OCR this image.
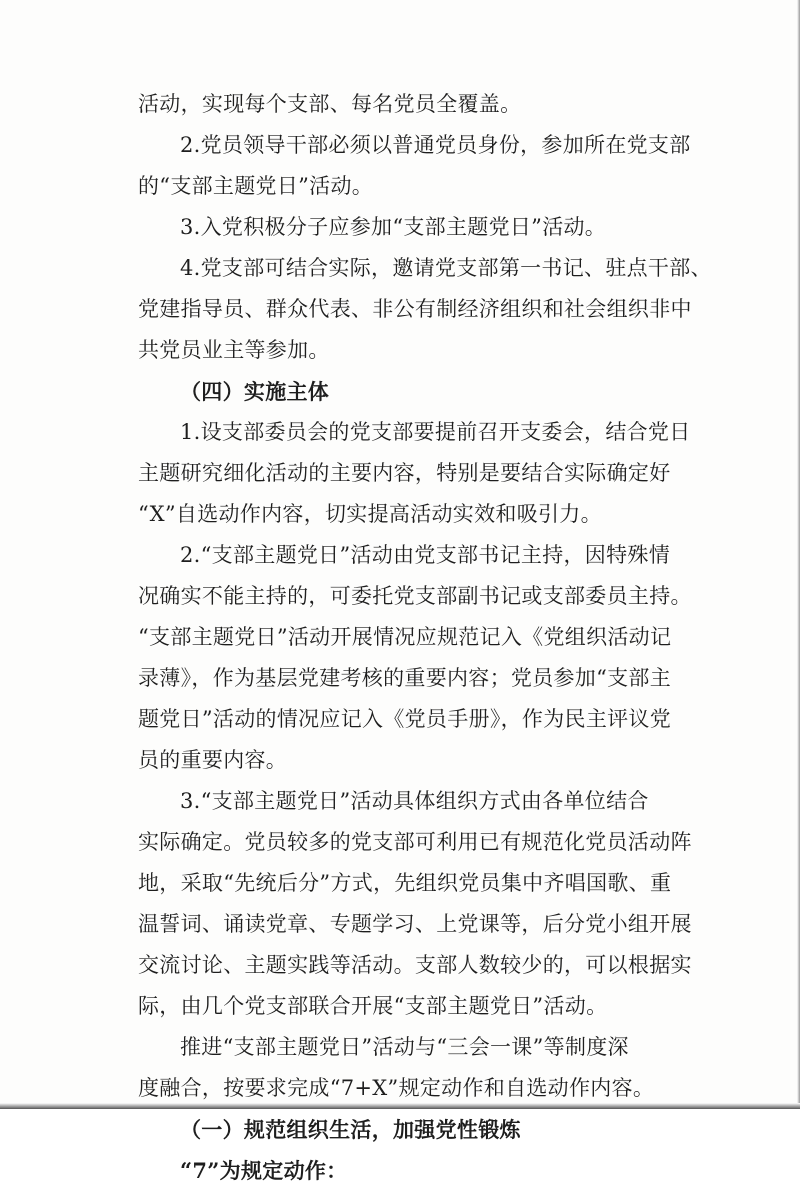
活动，实现每个支部、每名党员全覆盖。
2.党员领导干部必须以普通党员身份，参加所在党支部
的“支部主题党日”活动。
3.入党积极分子应参加“支部主题党日”活动。
4.党支部可结合实际，邀请党支部第一书记、驻点干部、
党建指导员、群众代表、非公有制经济组织和社会组织非中
共党员业主等参加。
（四）实施主体
1.设支部委员会的党支部要提前召开支委会，结合党日
主题研究细化活动的主要内容，特别是要结合实际确定好
“X”自选动作内容，切实提高活动实效和吸引力。
2.“支部主题党日”活动由党支部书记主持，因特殊情
况确实不能主持的，可委托党支部副书记或支部委员主持。
“支部主题党日”活动开展情况应规范记入《党组织活动记
录薄》，作为基层党建考核的重要内容；党员参加“支部主
题党日”活动的情况应记入《党员手册》，作为民主评议党
员的重要内容。
3.“支部主题党日”活动具体组织方式由各单位结合
实际确定。党员较多的党支部可利用已有规范化党员活动阵
地，采取“先统后分”方式，先组织党员集中齐唱国歌、重
温誓词、诵读党章、专题学习、上党课等，后分党小组开展
交流讨论、主题实践等活动。支部人数较少的，可以根据实
际，由几个党支部联合开展“支部主题党日”活动。
推进“支部主题党日”活动与“三会一课”等制度深
度融合，按要求完成“7+X”规定动作和自选动作内容。
（一）规范组织生活，加强党性锻炼
“7”为规定动作：
